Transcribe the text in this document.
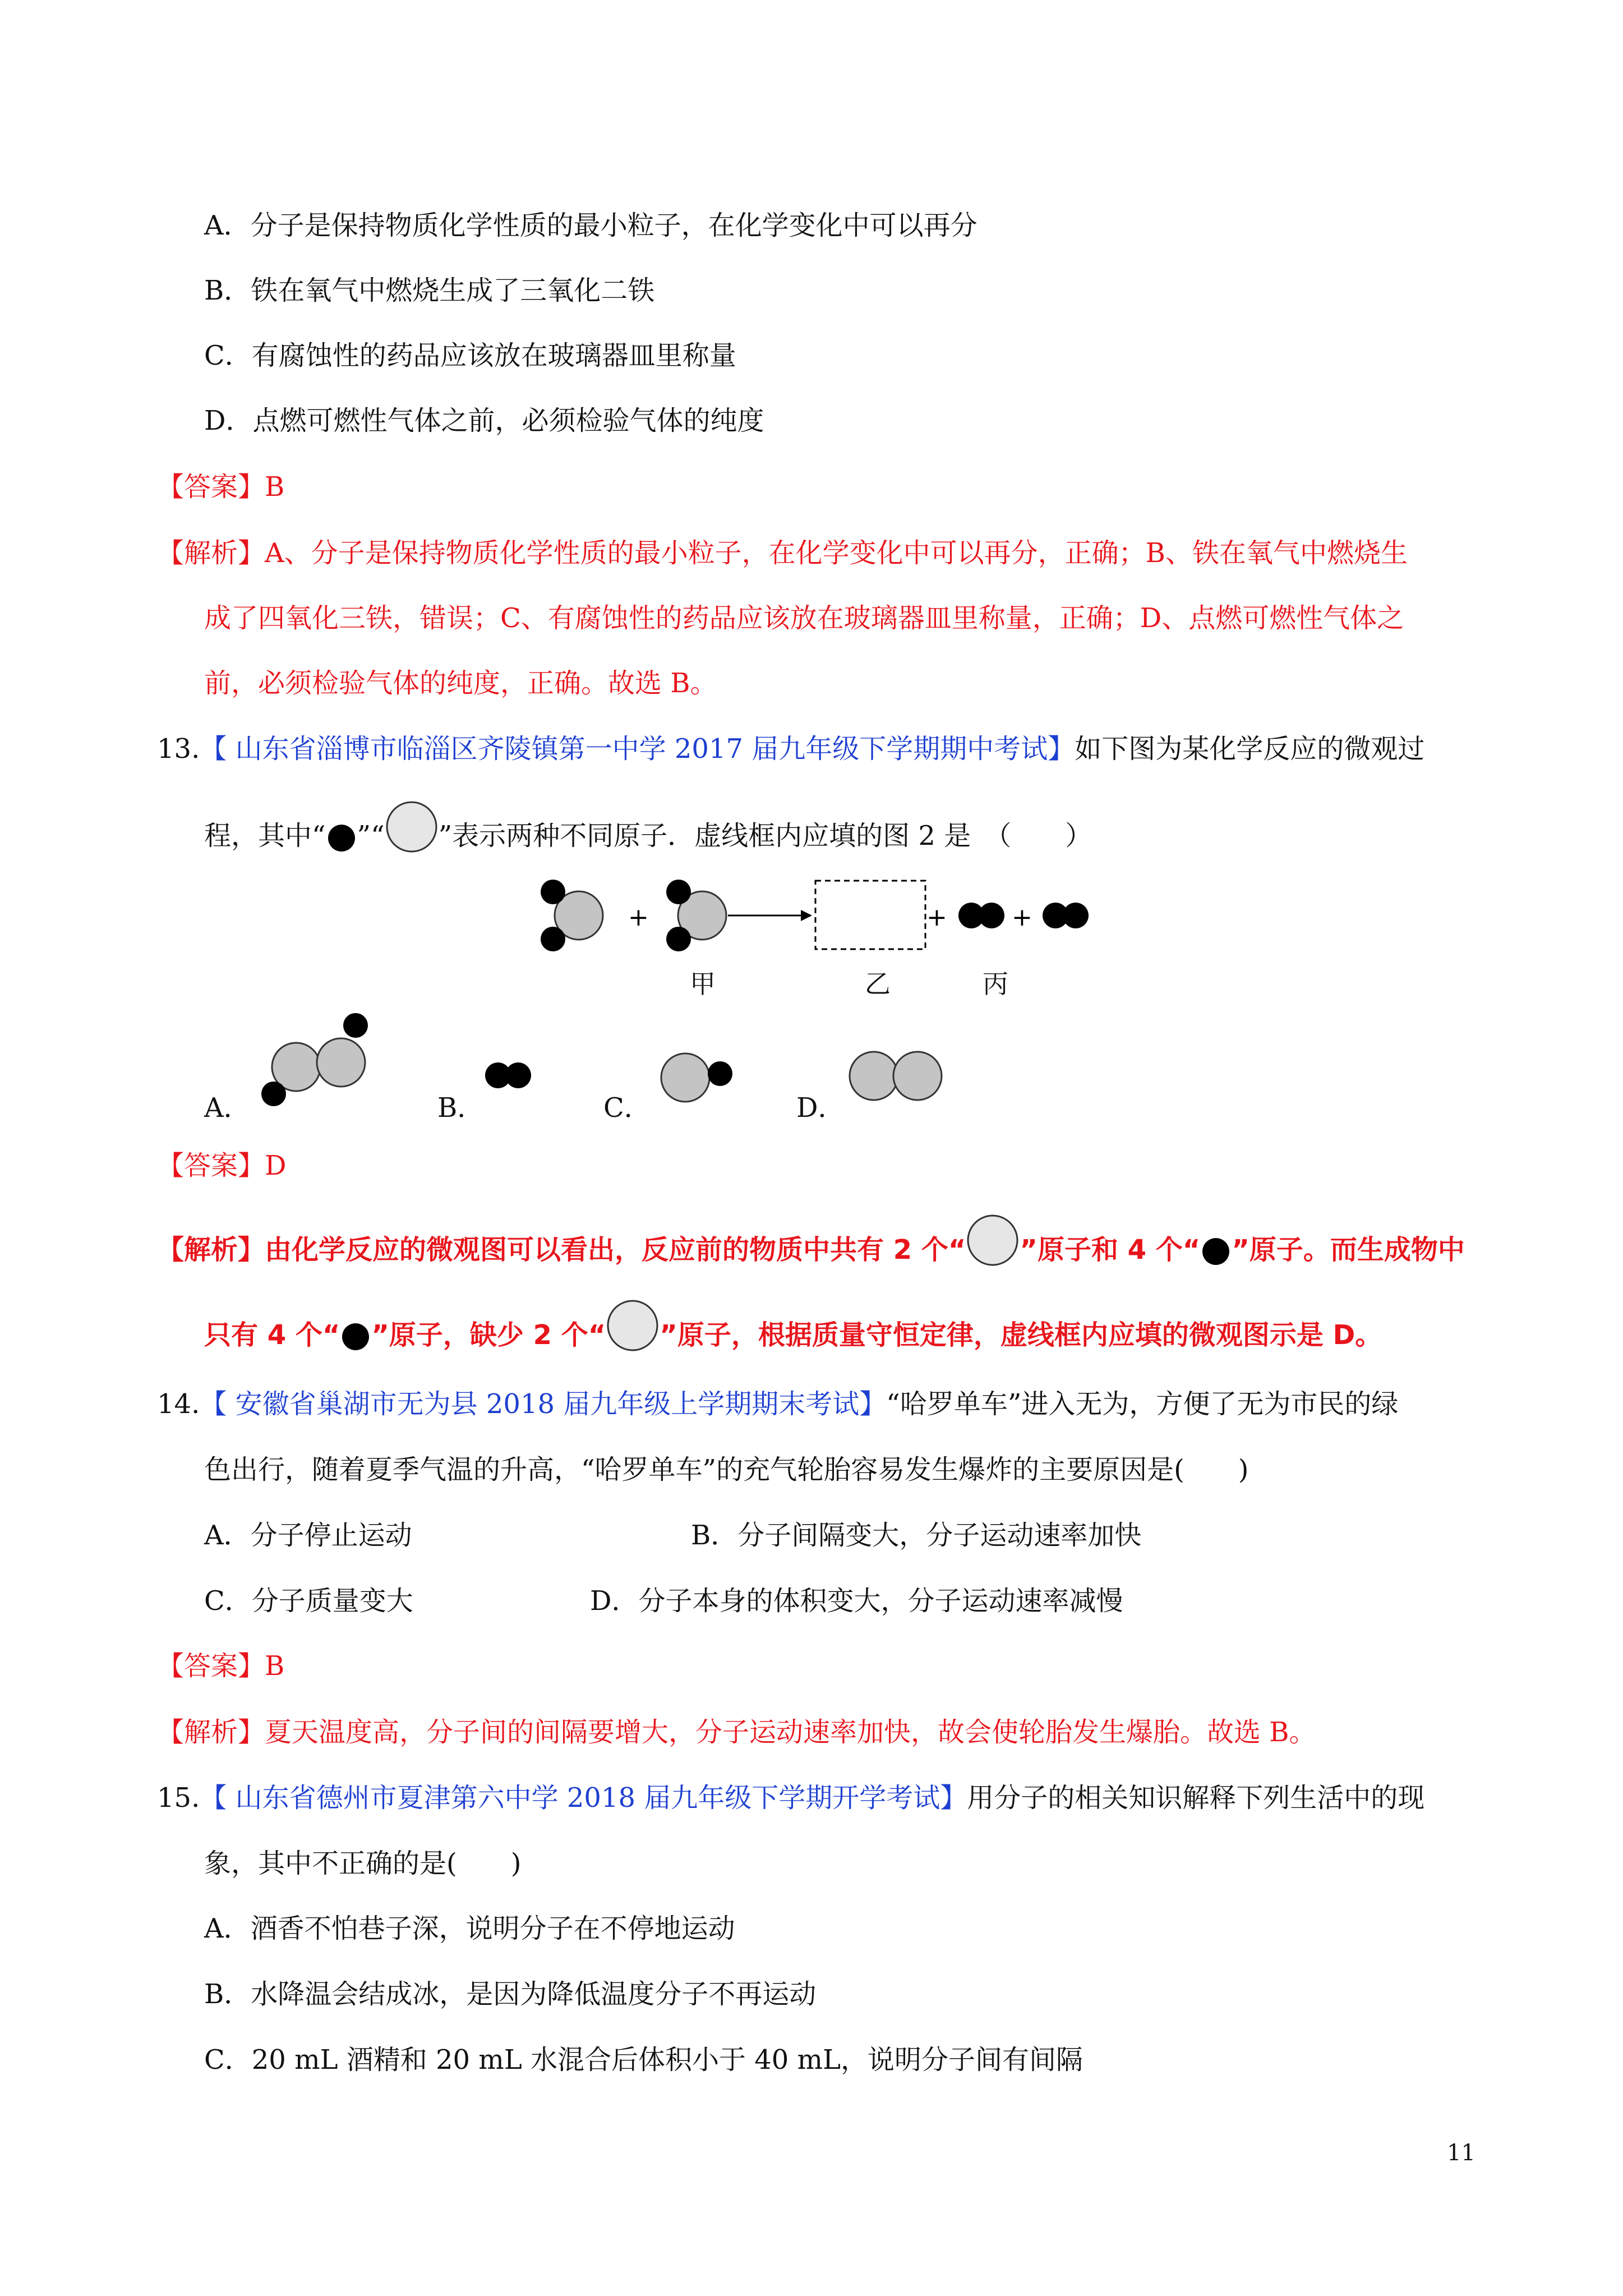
A．分子是保持物质化学性质的最小粒子，在化学变化中可以再分
B．铁在氧气中燃烧生成了三氧化二铁
C．有腐蚀性的药品应该放在玻璃器皿里称量
D．点燃可燃性气体之前，必须检验气体的纯度
【答案】B
【解析】A、分子是保持物质化学性质的最小粒子，在化学变化中可以再分，正确；B、铁在氧气中燃烧生
成了四氧化三铁，错误；C、有腐蚀性的药品应该放在玻璃器皿里称量，正确；D、点燃可燃性气体之
前，必须检验气体的纯度，正确。故选 B。
13.【 山东省淄博市临淄区齐陵镇第一中学 2017 届九年级下学期期中考试】如下图为某化学反应的微观过
程，其中“ ”“ ”表示两种不同原子．虚线框内应填的图 2 是　（　　）
+	+	+
甲	乙	丙
A．	B．	C．	D．
【答案】D
【解析】由化学反应的微观图可以看出，反应前的物质中共有 2 个“ ”原子和 4 个“ ”原子。而生成物中
只有 4 个“ ”原子，缺少 2 个“ ”原子，根据质量守恒定律，虚线框内应填的微观图示是 D。
14.【 安徽省巢湖市无为县 2018 届九年级上学期期末考试】“哈罗单车”进入无为，方便了无为市民的绿
色出行，随着夏季气温的升高，“哈罗单车”的充气轮胎容易发生爆炸的主要原因是(　　)
A．分子停止运动	B．分子间隔变大，分子运动速率加快
C．分子质量变大	D．分子本身的体积变大，分子运动速率减慢
【答案】B
【解析】夏天温度高，分子间的间隔要增大，分子运动速率加快，故会使轮胎发生爆胎。故选 B。
15.【 山东省德州市夏津第六中学 2018 届九年级下学期开学考试】用分子的相关知识解释下列生活中的现
象，其中不正确的是(　　)
A．酒香不怕巷子深，说明分子在不停地运动
B．水降温会结成冰，是因为降低温度分子不再运动
C．20 mL 酒精和 20 mL 水混合后体积小于 40 mL，说明分子间有间隔
11
